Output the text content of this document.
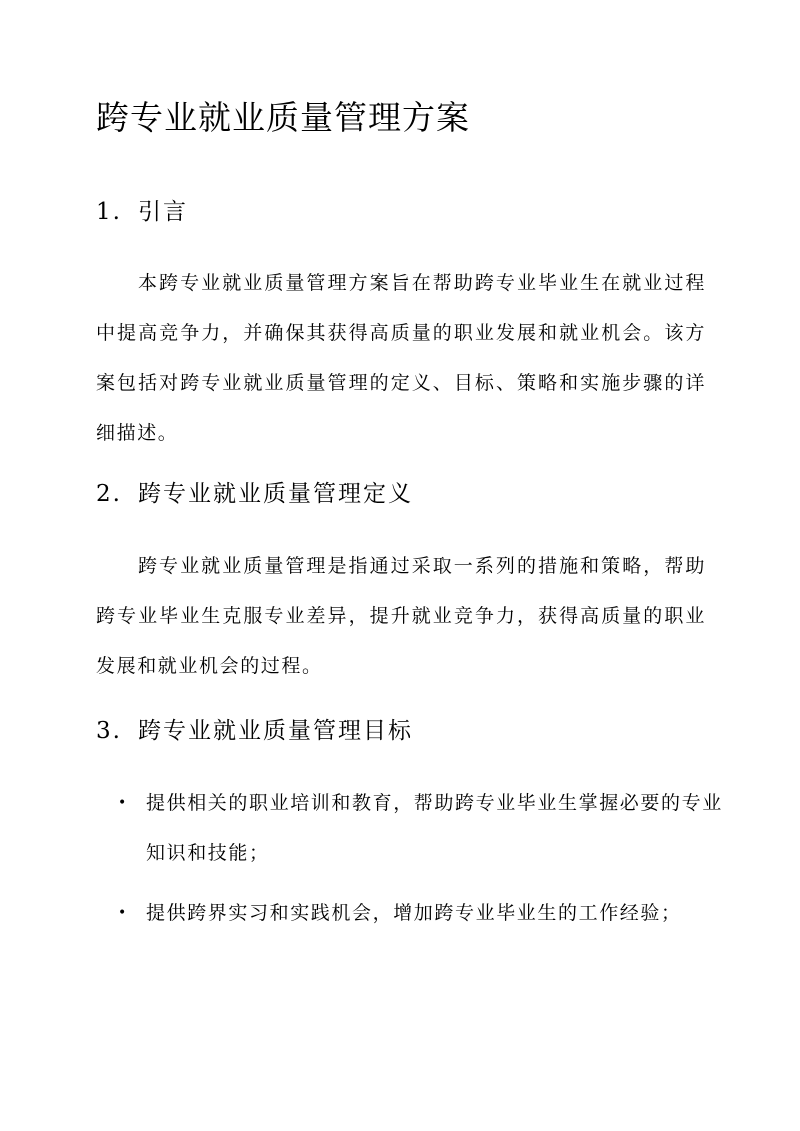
跨专业就业质量管理方案
1. 引言

本跨专业就业质量管理方案旨在帮助跨专业毕业生在就业过程中提高竞争力，并确保其获得高质量的职业发展和就业机会。该方案包括对跨专业就业质量管理的定义、目标、策略和实施步骤的详细描述。

2. 跨专业就业质量管理定义

跨专业就业质量管理是指通过采取一系列的措施和策略，帮助跨专业毕业生克服专业差异，提升就业竞争力，获得高质量的职业发展和就业机会的过程。

3. 跨专业就业质量管理目标
• 提供相关的职业培训和教育，帮助跨专业毕业生掌握必要的专业知识和技能；
• 提供跨界实习和实践机会，增加跨专业毕业生的工作经验；
